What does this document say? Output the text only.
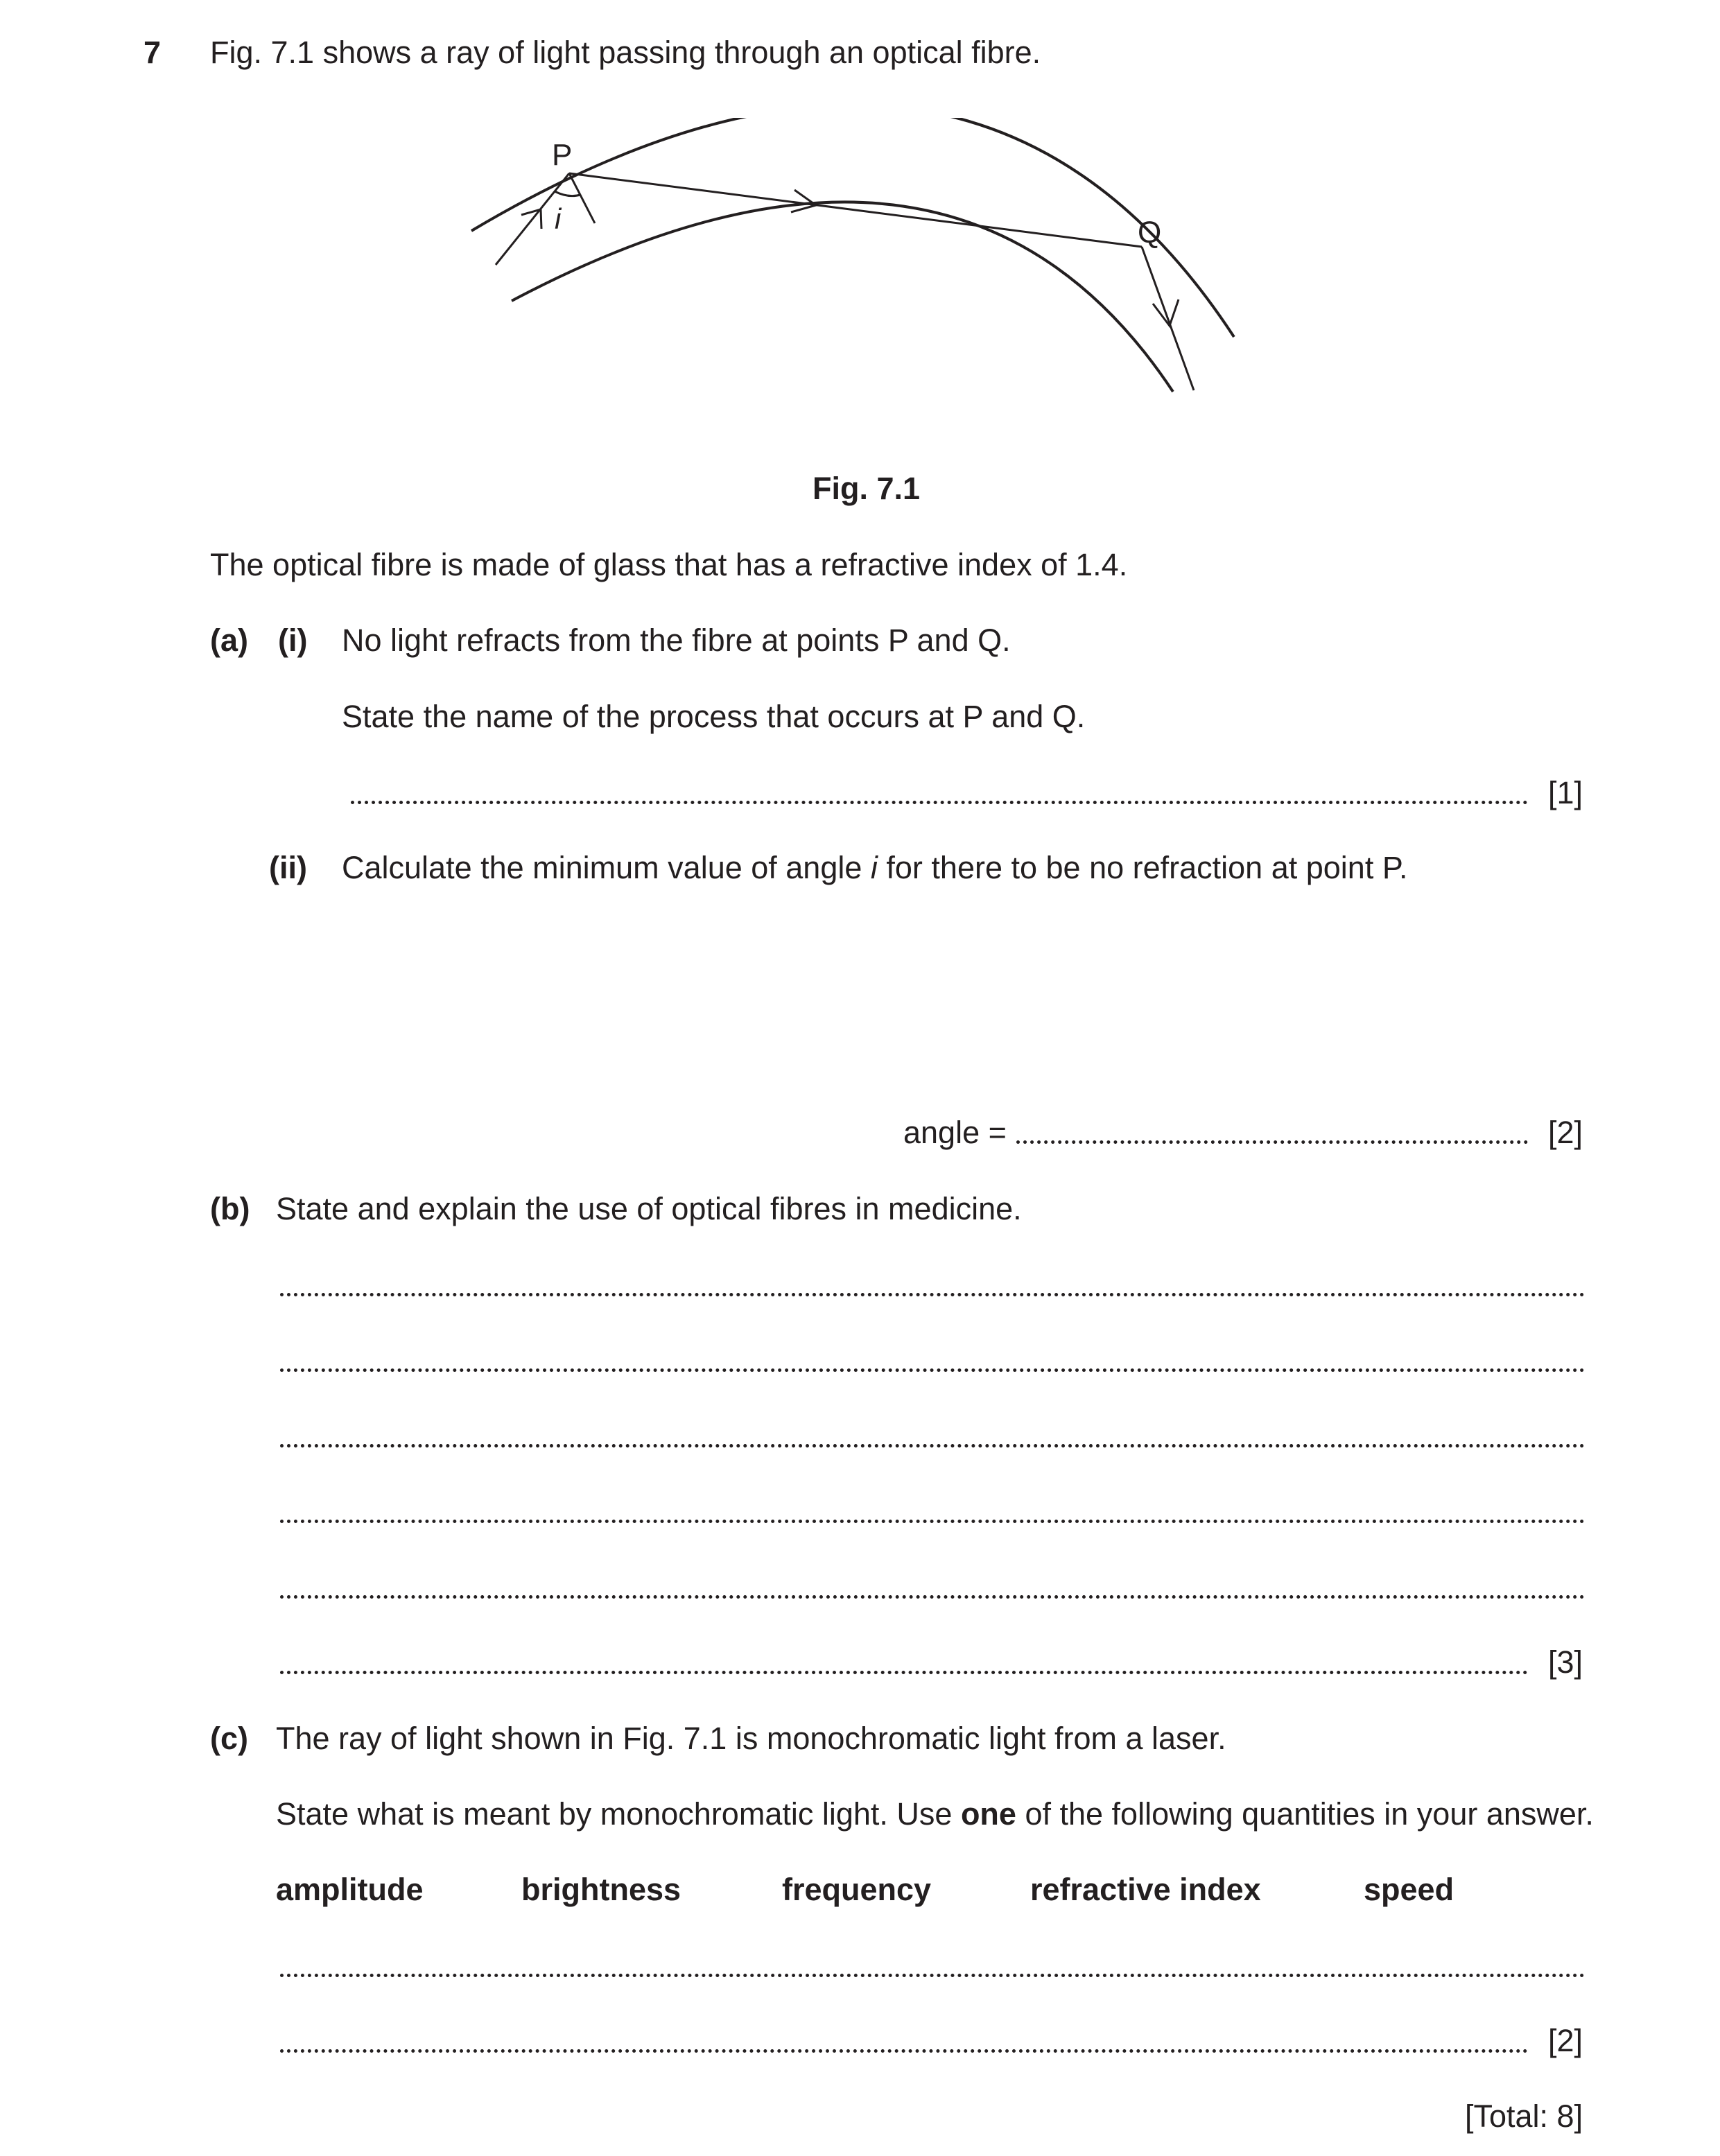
7 Fig. 7.1 shows a ray of light passing through an optical fibre.
P
i	Q
Fig. 7.1
The optical fibre is made of glass that has a refractive index of 1.4.
(a) (i) No light refracts from the fibre at points P and Q.
State the name of the process that occurs at P and Q.
[1]
(ii) Calculate the minimum value of angle i for there to be no refraction at point P.
angle =	[2]
(b) State and explain the use of optical fibres in medicine.
[3]
(c) The ray of light shown in Fig. 7.1 is monochromatic light from a laser.
State what is meant by monochromatic light. Use one of the following quantities in your answer.
amplitude	brightness	frequency	refractive index	speed
[2]
[Total: 8]
